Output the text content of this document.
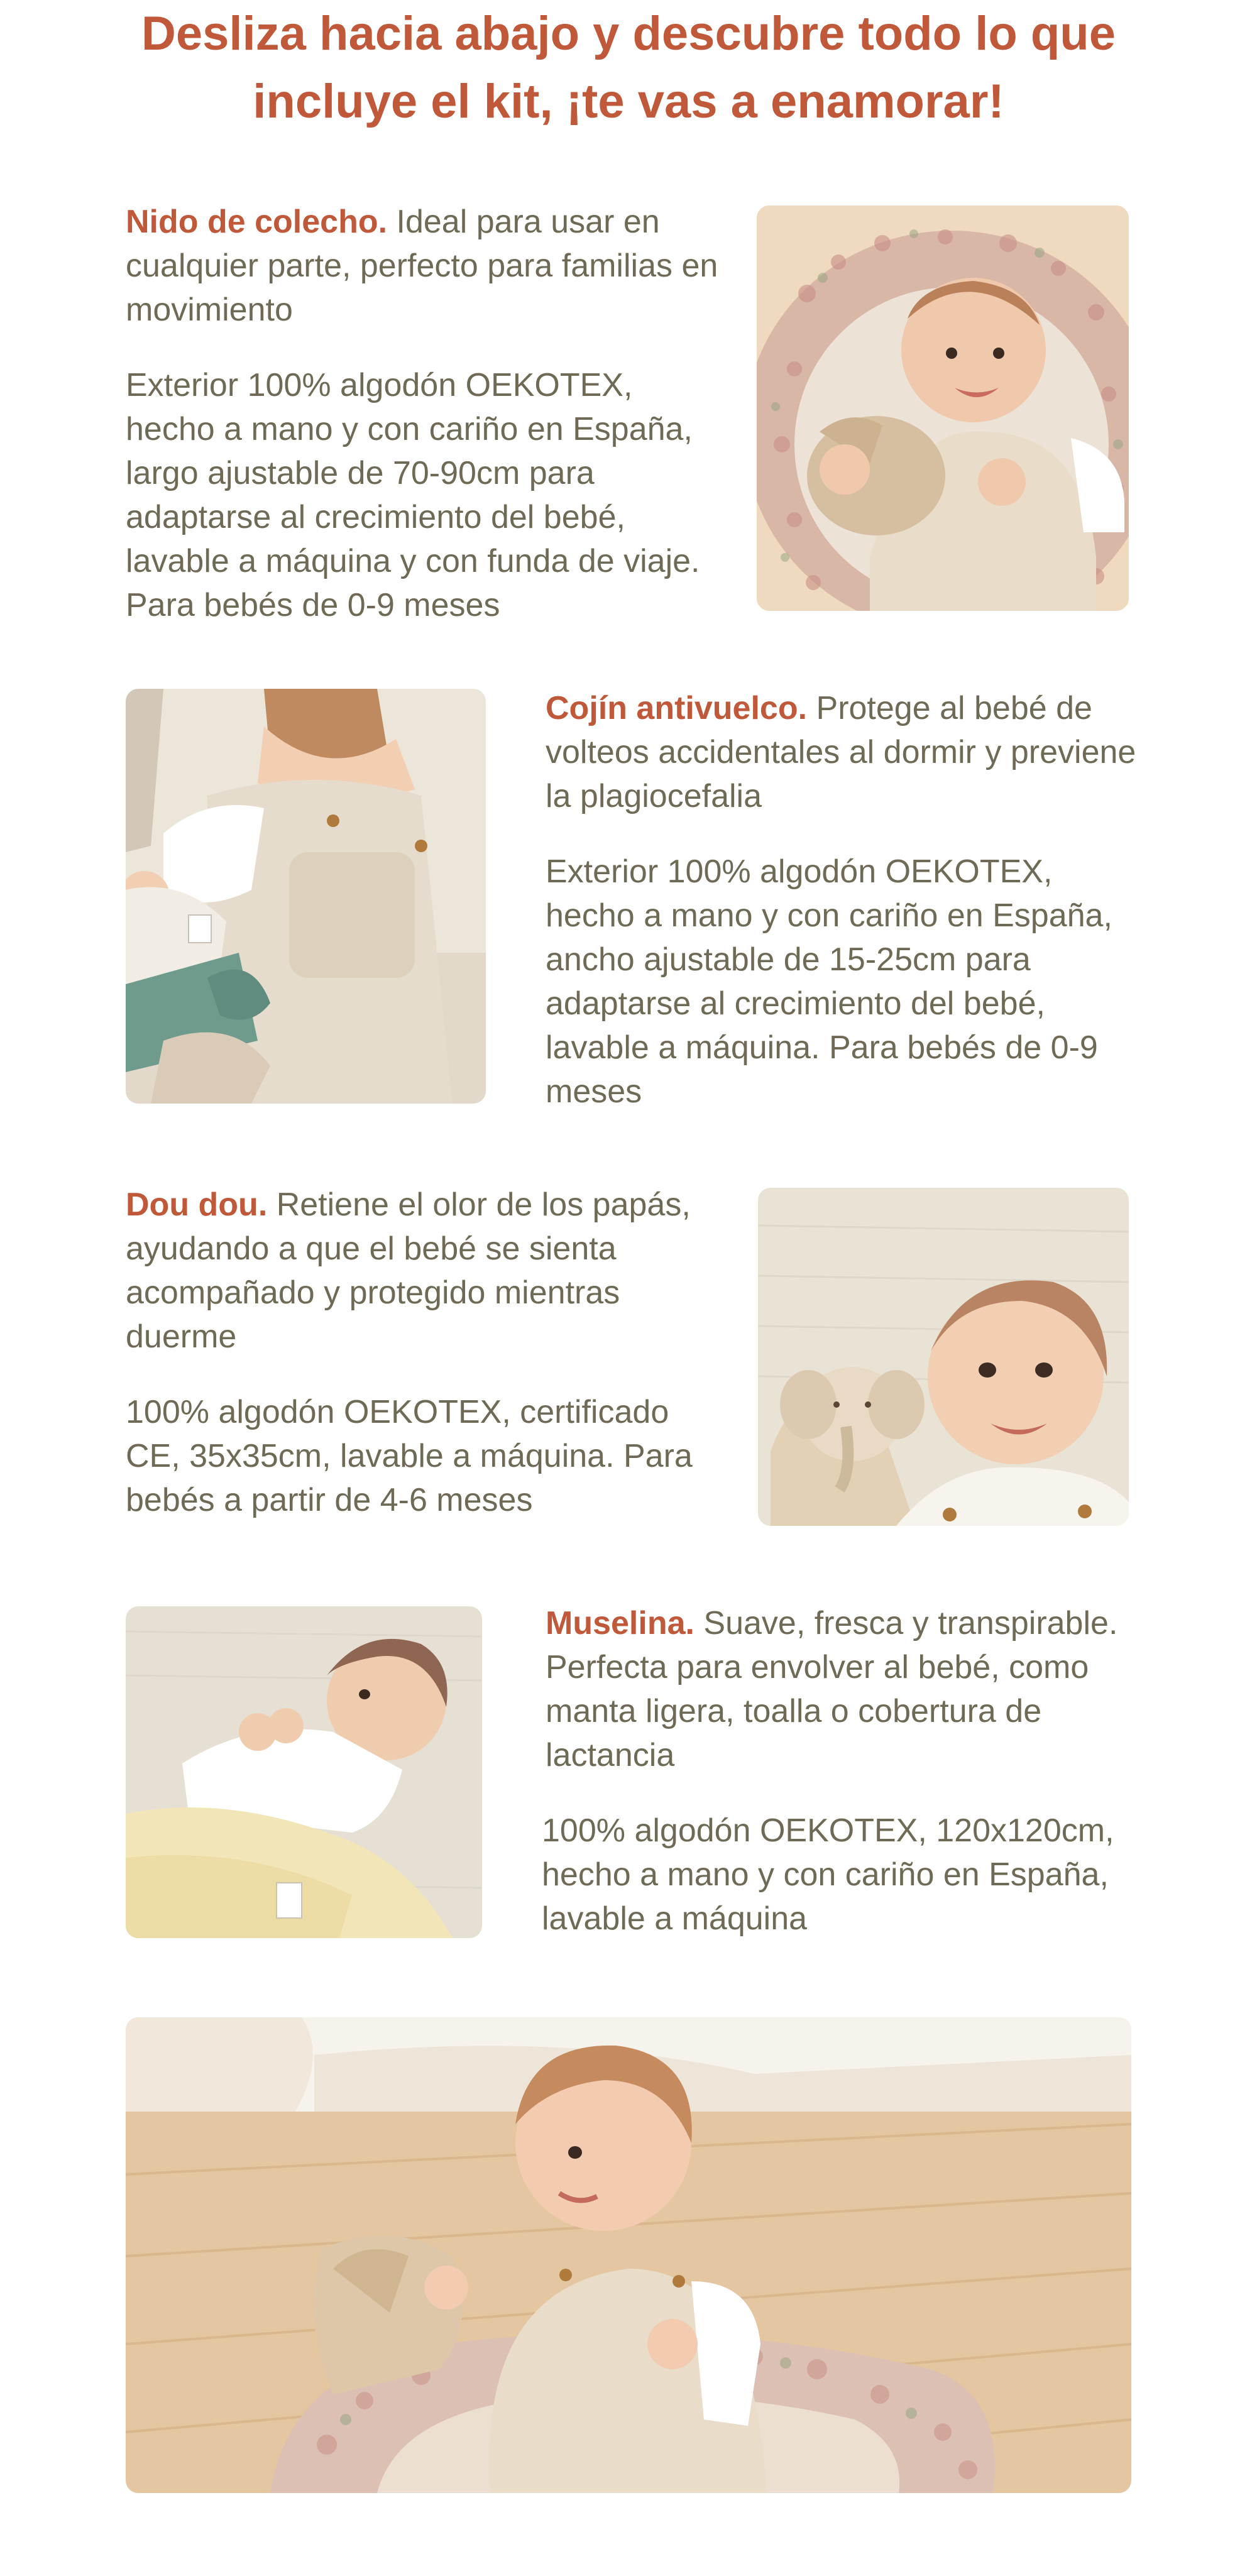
Desliza hacia abajo y descubre todo lo que incluye el kit, ¡te vas a enamorar!

Nido de colecho. Ideal para usar en cualquier parte, perfecto para familias en movimiento

Exterior 100% algodón OEKOTEX, hecho a mano y con cariño en España, largo ajustable de 70-90cm para adaptarse al crecimiento del bebé, lavable a máquina y con funda de viaje. Para bebés de 0-9 meses

Cojín antivuelco. Protege al bebé de volteos accidentales al dormir y previene la plagiocefalia

Exterior 100% algodón OEKOTEX, hecho a mano y con cariño en España, ancho ajustable de 15-25cm para adaptarse al crecimiento del bebé, lavable a máquina. Para bebés de 0-9 meses

Dou dou. Retiene el olor de los papás, ayudando a que el bebé se sienta acompañado y protegido mientras duerme

100% algodón OEKOTEX, certificado CE, 35x35cm, lavable a máquina. Para bebés a partir de 4-6 meses

Muselina. Suave, fresca y transpirable. Perfecta para envolver al bebé, como manta ligera, toalla o cobertura de lactancia

100% algodón OEKOTEX, 120x120cm, hecho a mano y con cariño en España, lavable a máquina
